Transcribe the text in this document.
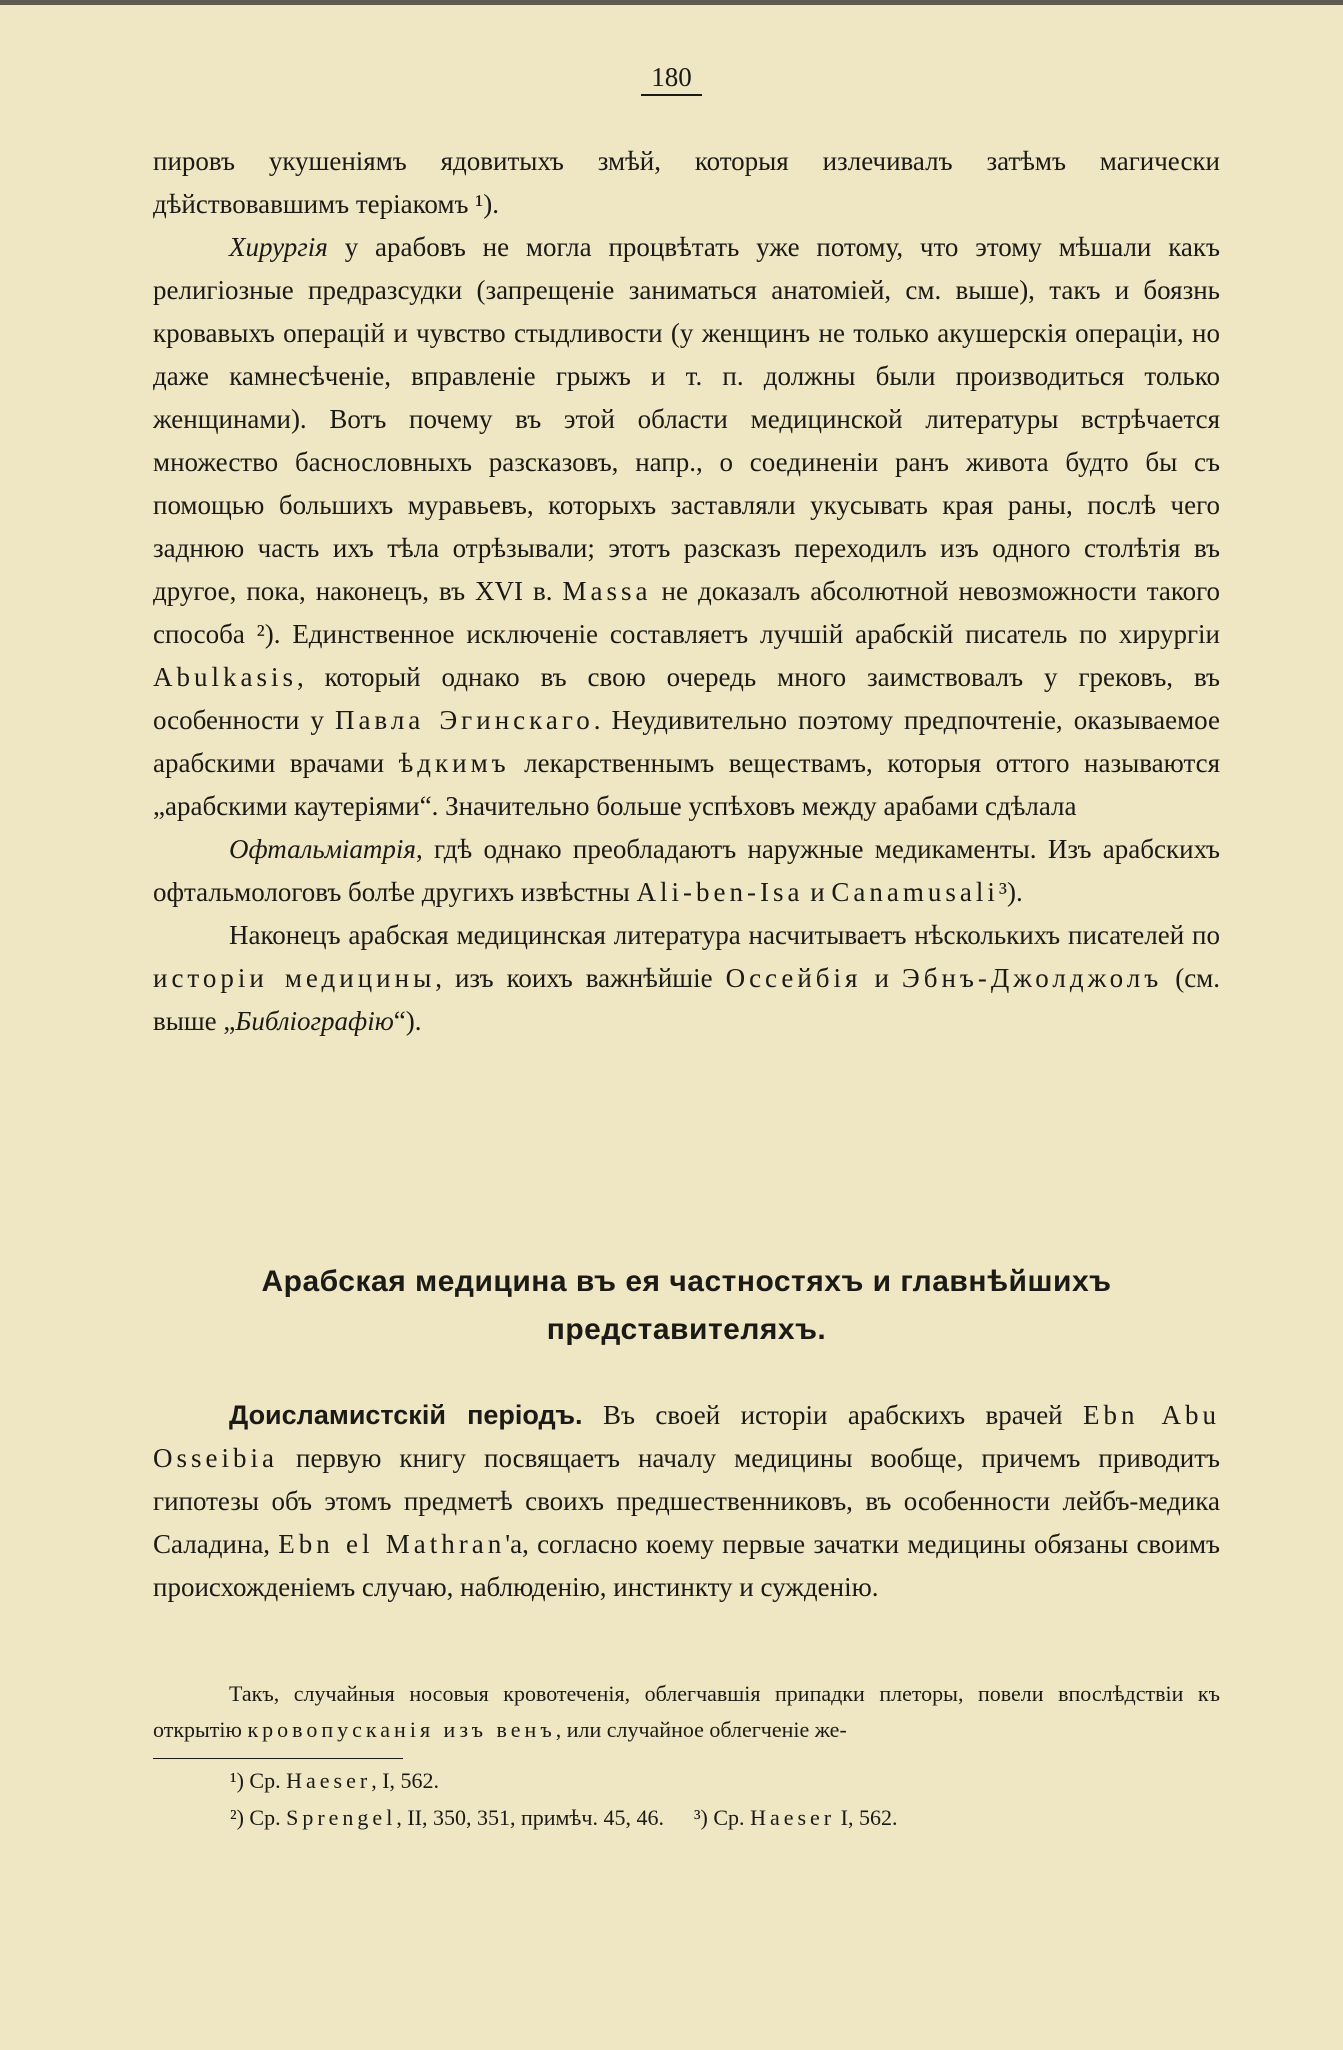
180

пировъ укушеніямъ ядовитыхъ змѣй, которыя излечивалъ затѣмъ магически дѣйствовавшимъ теріакомъ ¹).

Хирургія у арабовъ не могла процвѣтать уже потому, что этому мѣшали какъ религіозные предразсудки (запрещеніе заниматься анатоміей, см. выше), такъ и боязнь кровавыхъ операцій и чувство стыдливости (у женщинъ не только акушерскія операціи, но даже камнесѣченіе, вправленіе грыжъ и т. п. должны были производиться только женщинами). Вотъ почему въ этой области медицинской литературы встрѣчается множество баснословныхъ разсказовъ, напр., о соединеніи ранъ живота будто бы съ помощью большихъ муравьевъ, которыхъ заставляли укусывать края раны, послѣ чего заднюю часть ихъ тѣла отрѣзывали; этотъ разсказъ переходилъ изъ одного столѣтія въ другое, пока, наконецъ, въ XVI в. Massa не доказалъ абсолютной невозможности такого способа ²). Единственное исключеніе составляетъ лучшій арабскій писатель по хирургіи Abulkasis, который однако въ свою очередь много заимствовалъ у грековъ, въ особенности у Павла Эгинскаго. Неудивительно поэтому предпочтеніе, оказываемое арабскими врачами ѣдкимъ лекарственнымъ веществамъ, которыя оттого называются „арабскими каутеріями“. Значительно больше успѣховъ между арабами сдѣлала

Офтальміатрія, гдѣ однако преобладаютъ наружные медикаменты. Изъ арабскихъ офтальмологовъ болѣе другихъ извѣстны Ali-ben-Isa и Canamusali³).

Наконецъ арабская медицинская литература насчитываетъ нѣсколькихъ писателей по исторіи медицины, изъ коихъ важнѣйшіе Оссейбія и Эбнъ-Джолджолъ (см. выше „Библіографію“).

Арабская медицина въ ея частностяхъ и главнѣйшихъ представителяхъ.

Доисламистскій періодъ. Въ своей исторіи арабскихъ врачей Ebn Abu Osseibia первую книгу посвящаетъ началу медицины вообще, причемъ приводитъ гипотезы объ этомъ предметѣ своихъ предшественниковъ, въ особенности лейбъ-медика Саладина, Ebn el Mathran'a, согласно коему первые зачатки медицины обязаны своимъ происхожденіемъ случаю, наблюденію, инстинкту и сужденію.

Такъ, случайныя носовыя кровотеченія, облегчавшія припадки плеторы, повели впослѣдствіи къ открытію кровопусканія изъ венъ, или случайное облегченіе же-

¹) Ср. Haeser, I, 562.
²) Ср. Sprengel, II, 350, 351, примѣч. 45, 46. ³) Ср. Haeser I, 562.
